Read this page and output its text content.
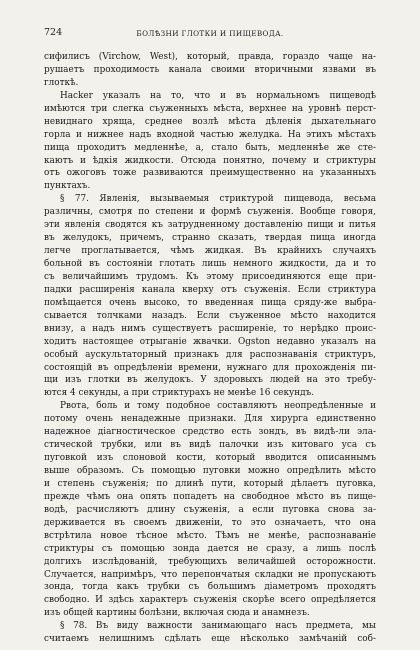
724	БОЛѢЗНИ ГЛОТКИ И ПИЩЕВОДА.
сифилисъ (Virchow, West), который, правда, гораздо чаще на-
рушаетъ проходимость канала своими вторичными язвами въ
глоткѣ.
Hacker указалъ на то, что и въ нормальномъ пищеводѣ
имѣются три слегка съуженныхъ мѣста, верхнее на уровнѣ перст-
невиднаго хряща, среднее возлѣ мѣста дѣленія дыхательнаго
горла и нижнее надъ входной частью желудка. На этихъ мѣстахъ
пища проходитъ медленнѣе, а, стало быть, медленнѣе же сте-
каютъ и ѣдкія жидкости. Отсюда понятно, почему и стриктуры
отъ ожоговъ тоже развиваются преимущественно на указанныхъ
пунктахъ.
§ 77. Явленія, вызываемыя стриктурой пищевода, весьма
различны, смотря по степени и формѣ съуженія. Вообще говоря,
эти явленія сводятся къ затрудненному доставленію пищи и питья
въ желудокъ, причемъ, странно сказать, твердая пища иногда
легче проглатывается, чѣмъ жидкая. Въ крайнихъ случаяхъ
больной въ состояніи глотать лишь немного жидкости, да и то
съ величайшимъ трудомъ. Къ этому присоединяются еще при-
падки расширенія канала кверху отъ съуженія. Если стриктура
помѣщается очень высоко, то введенная пища сряду-же выбра-
сывается толчками назадъ. Если съуженное мѣсто находится
внизу, а надъ нимъ существуетъ расширеніе, то нерѣдко проис-
ходитъ настоящее отрыганіе жвачки. Ogston недавно указалъ на
особый аускультаторный признакъ для распознаванія стриктуръ,
состоящій въ опредѣленіи времени, нужнаго для прохожденія пи-
щи изъ глотки въ желудокъ. У здоровыхъ людей на это требу-
ются 4 секунды, а при стриктурахъ не менѣе 16 секундъ.
Рвота, боль и тому подобное составляютъ неопредѣленные и
потому очень ненадежные признаки. Для хирурга единственно
надежное діагностическое средство есть зондъ, въ видѣ-ли эла-
стической трубки, или въ видѣ палочки изъ китоваго уса съ
пуговкой изъ слоновой кости, который вводится описаннымъ
выше образомъ. Съ помощью пуговки можно опредѣлить мѣсто
и степень съуженія; по длинѣ пути, который дѣлаетъ пуговка,
прежде чѣмъ она опять попадетъ на свободное мѣсто въ пище-
водѣ, расчисляютъ длину съуженія, а если пуговка снова за-
держивается въ своемъ движеніи, то это означаетъ, что она
встрѣтила новое тѣсное мѣсто. Тѣмъ не менѣе, распознаваніе
стриктуры съ помощью зонда дается не сразу, а лишь послѣ
долгихъ изслѣдованій, требующихъ величайшей осторожности.
Случается, напримѣръ, что перепончатыя складки не пропускаютъ
зонда, тогда какъ трубки съ большимъ діаметромъ проходятъ
свободно. И здѣсь характеръ съуженія скорѣе всего опредѣляется
изъ общей картины болѣзни, включая сюда и анамнезъ.
§ 78. Въ виду важности занимающаго насъ предмета, мы
считаемъ нелишнимъ сдѣлать еще нѣсколько замѣчаній соб-
